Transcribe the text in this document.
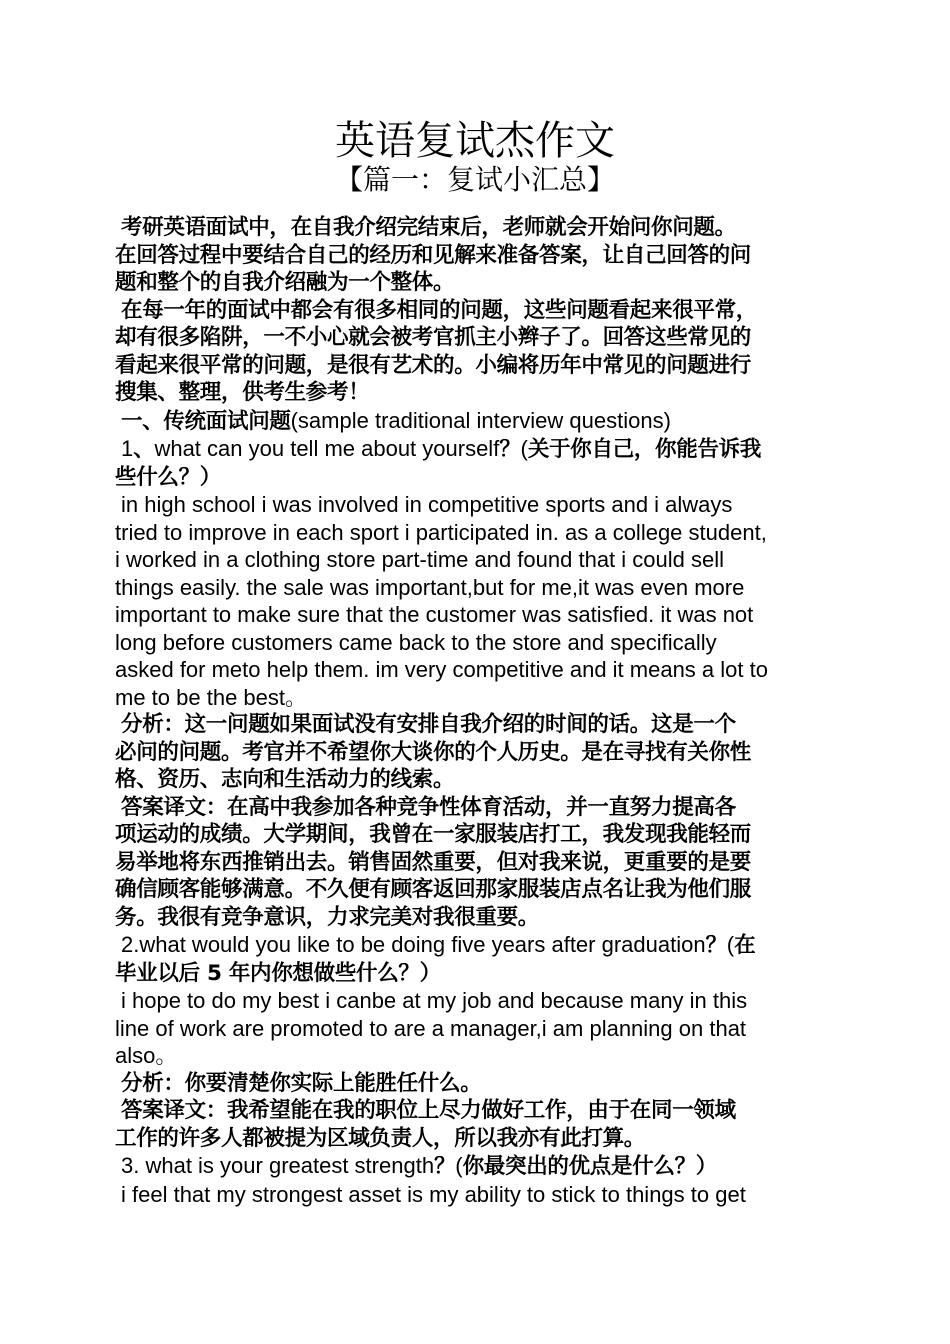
英语复试杰作文
【篇一：复试小汇总】
考研英语面试中，在自我介绍完结束后，老师就会开始问你问题。
在回答过程中要结合自己的经历和见解来准备答案，让自己回答的问
题和整个的自我介绍融为一个整体。
在每一年的面试中都会有很多相同的问题，这些问题看起来很平常，
却有很多陷阱，一不小心就会被考官抓主小辫子了。回答这些常见的
看起来很平常的问题，是很有艺术的。小编将历年中常见的问题进行
搜集、整理，供考生参考！
一、传统面试问题(sample traditional interview questions)
1、what can you tell me about yourself？(关于你自己，你能告诉我
些什么？）
in high school i was involved in competitive sports and i always
tried to improve in each sport i participated in. as a college student,
i worked in a clothing store part-time and found that i could sell
things easily. the sale was important,but for me,it was even more
important to make sure that the customer was satisfied. it was not
long before customers came back to the store and specifically
asked for meto help them. im very competitive and it means a lot to
me to be the best。
分析：这一问题如果面试没有安排自我介绍的时间的话。这是一个
必问的问题。考官并不希望你大谈你的个人历史。是在寻找有关你性
格、资历、志向和生活动力的线索。
答案译文：在高中我参加各种竞争性体育活动，并一直努力提高各
项运动的成绩。大学期间，我曾在一家服装店打工，我发现我能轻而
易举地将东西推销出去。销售固然重要，但对我来说，更重要的是要
确信顾客能够满意。不久便有顾客返回那家服装店点名让我为他们服
务。我很有竞争意识，力求完美对我很重要。
2.what would you like to be doing five years after graduation？(在
毕业以后 5 年内你想做些什么？）
i hope to do my best i canbe at my job and because many in this
line of work are promoted to are a manager,i am planning on that
also。
分析：你要清楚你实际上能胜任什么。
答案译文：我希望能在我的职位上尽力做好工作，由于在同一领域
工作的许多人都被提为区域负责人，所以我亦有此打算。
3. what is your greatest strength？(你最突出的优点是什么？）
i feel that my strongest asset is my ability to stick to things to get
